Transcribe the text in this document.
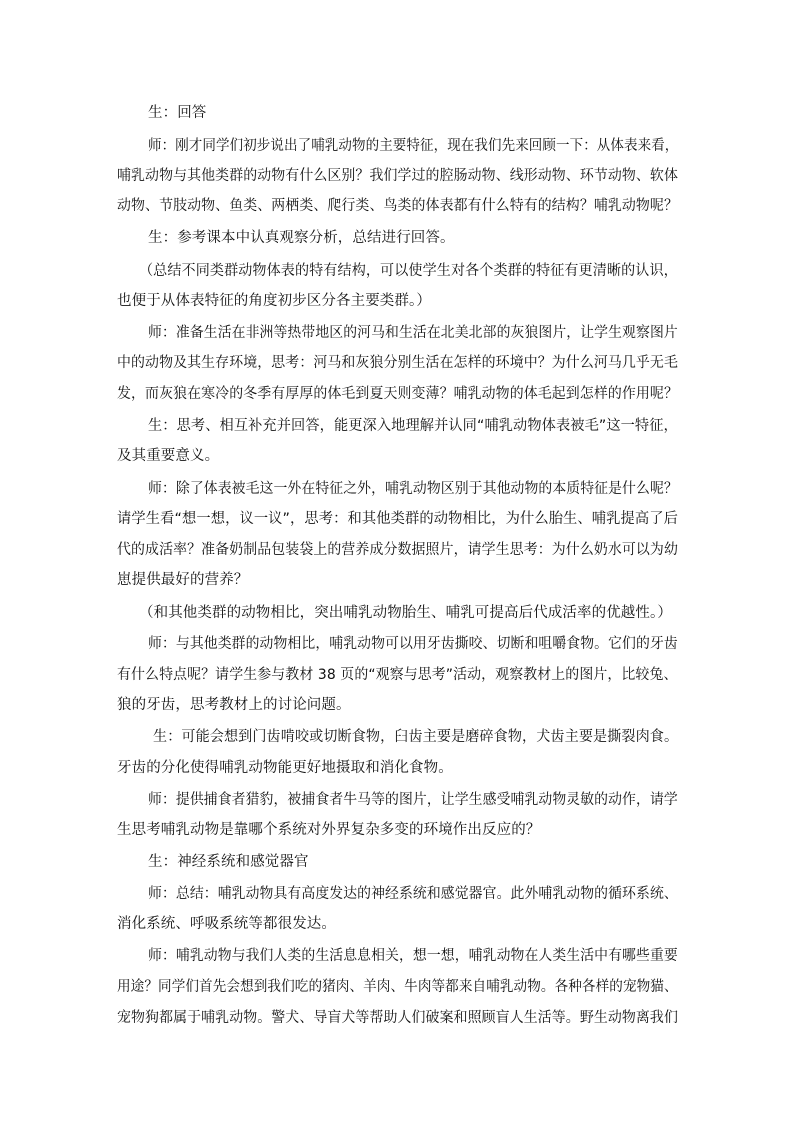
生：回答
师：刚才同学们初步说出了哺乳动物的主要特征，现在我们先来回顾一下：从体表来看，
哺乳动物与其他类群的动物有什么区别？我们学过的腔肠动物、线形动物、环节动物、软体
动物、节肢动物、鱼类、两栖类、爬行类、鸟类的体表都有什么特有的结构？哺乳动物呢？
生：参考课本中认真观察分析，总结进行回答。
（总结不同类群动物体表的特有结构，可以使学生对各个类群的特征有更清晰的认识，
也便于从体表特征的角度初步区分各主要类群。）
师：准备生活在非洲等热带地区的河马和生活在北美北部的灰狼图片，让学生观察图片
中的动物及其生存环境，思考：河马和灰狼分别生活在怎样的环境中？为什么河马几乎无毛
发，而灰狼在寒冷的冬季有厚厚的体毛到夏天则变薄？哺乳动物的体毛起到怎样的作用呢？
生：思考、相互补充并回答，能更深入地理解并认同“哺乳动物体表被毛”这一特征，
及其重要意义。
师：除了体表被毛这一外在特征之外，哺乳动物区别于其他动物的本质特征是什么呢？
请学生看“想一想，议一议”，思考：和其他类群的动物相比，为什么胎生、哺乳提高了后
代的成活率？准备奶制品包装袋上的营养成分数据照片，请学生思考：为什么奶水可以为幼
崽提供最好的营养？
（和其他类群的动物相比，突出哺乳动物胎生、哺乳可提高后代成活率的优越性。）
师：与其他类群的动物相比，哺乳动物可以用牙齿撕咬、切断和咀嚼食物。它们的牙齿
有什么特点呢？请学生参与教材 38 页的“观察与思考”活动，观察教材上的图片，比较兔、
狼的牙齿，思考教材上的讨论问题。
生：可能会想到门齿啃咬或切断食物，臼齿主要是磨碎食物，犬齿主要是撕裂肉食。
牙齿的分化使得哺乳动物能更好地摄取和消化食物。
师：提供捕食者猎豹，被捕食者牛马等的图片，让学生感受哺乳动物灵敏的动作，请学
生思考哺乳动物是靠哪个系统对外界复杂多变的环境作出反应的？
生：神经系统和感觉器官
师：总结：哺乳动物具有高度发达的神经系统和感觉器官。此外哺乳动物的循环系统、
消化系统、呼吸系统等都很发达。
师：哺乳动物与我们人类的生活息息相关，想一想，哺乳动物在人类生活中有哪些重要
用途？同学们首先会想到我们吃的猪肉、羊肉、牛肉等都来自哺乳动物。各种各样的宠物猫、
宠物狗都属于哺乳动物。警犬、导盲犬等帮助人们破案和照顾盲人生活等。野生动物离我们
